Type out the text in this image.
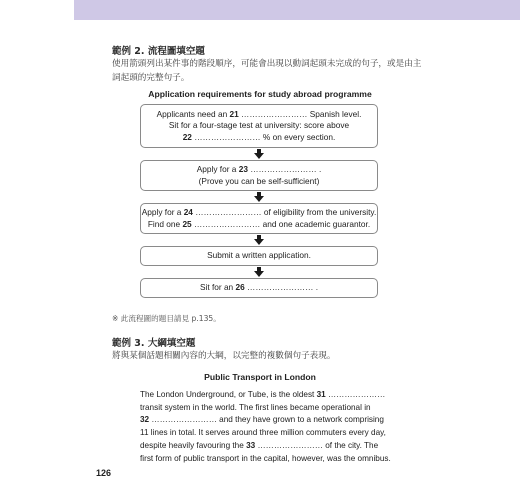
範例 2. 流程圖填空題
使用箭頭列出某件事的階段順序，可能會出現以動詞起頭未完成的句子，或是由主
詞起頭的完整句子。
Application requirements for study abroad programme
Applicants need an 21 …………………… Spanish level.
Sit for a four-stage test at university: score above
22 …………………… % on every section.
Apply for a 23 …………………… .
(Prove you can be self-sufficient)
Apply for a 24 …………………… of eligibility from the university.
Find one 25 …………………… and one academic guarantor.
Submit a written application.
Sit for an 26 …………………… .
※ 此流程圖的題目請見 p.135。
範例 3. 大綱填空題
將與某個話題相關內容的大綱，以完整的複數個句子表現。
Public Transport in London
The London Underground, or Tube, is the oldest 31 …………………
transit system in the world. The first lines became operational in
32 …………………… and they have grown to a network comprising
11 lines in total. It serves around three million commuters every day,
despite heavily favouring the 33 …………………… of the city. The
first form of public transport in the capital, however, was the omnibus.
126
